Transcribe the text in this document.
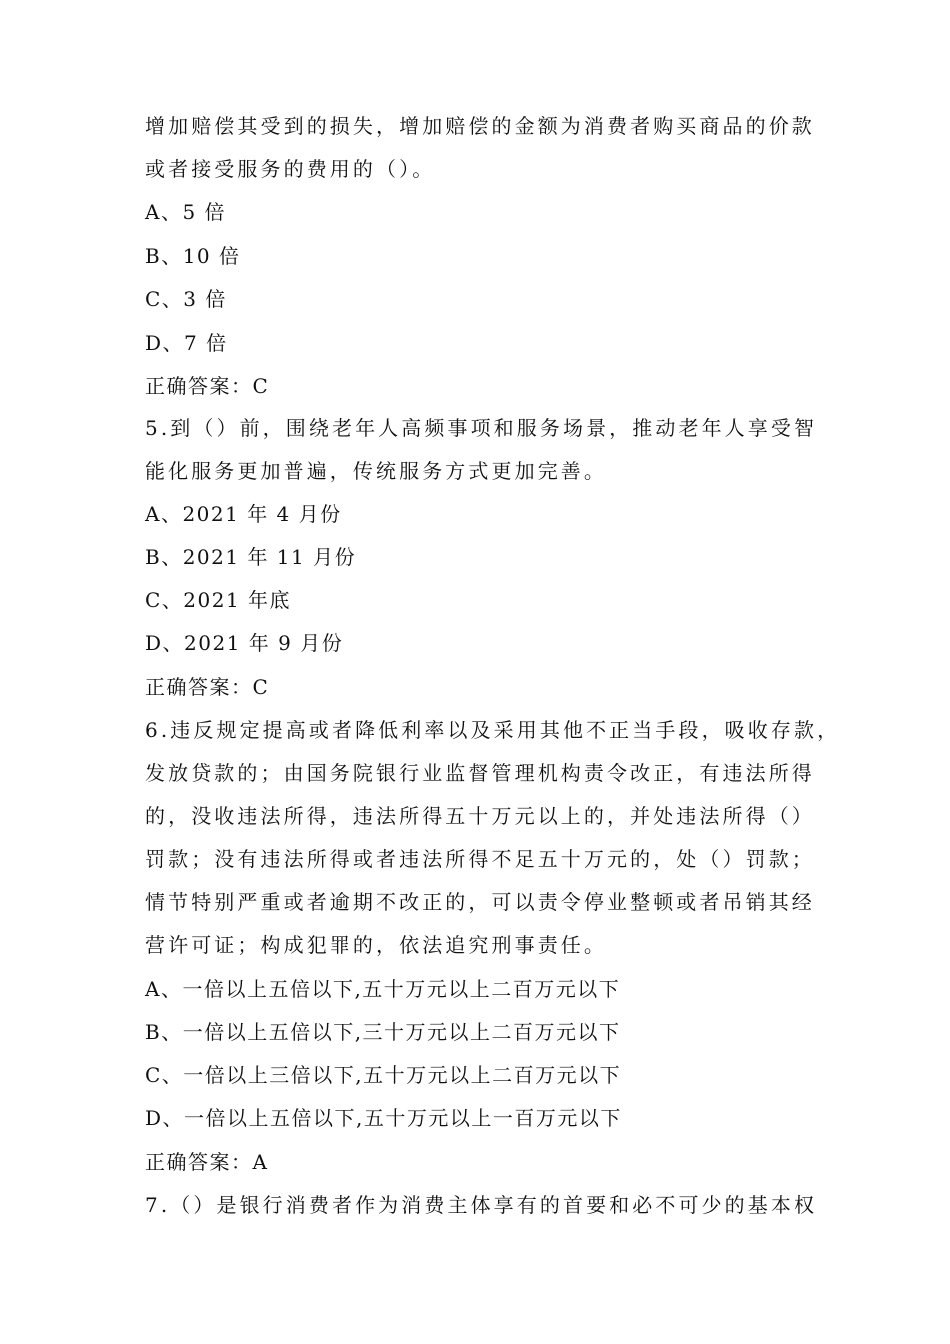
增加赔偿其受到的损失，增加赔偿的金额为消费者购买商品的价款
或者接受服务的费用的（）。
A、5 倍
B、10 倍
C、3 倍
D、7 倍
正确答案：C
5.到（）前，围绕老年人高频事项和服务场景，推动老年人享受智
能化服务更加普遍，传统服务方式更加完善。
A、2021 年 4 月份
B、2021 年 11 月份
C、2021 年底
D、2021 年 9 月份
正确答案：C
6.违反规定提高或者降低利率以及采用其他不正当手段，吸收存款，
发放贷款的；由国务院银行业监督管理机构责令改正，有违法所得
的，没收违法所得，违法所得五十万元以上的，并处违法所得（）
罚款；没有违法所得或者违法所得不足五十万元的，处（）罚款；
情节特别严重或者逾期不改正的，可以责令停业整顿或者吊销其经
营许可证；构成犯罪的，依法追究刑事责任。
A、一倍以上五倍以下,五十万元以上二百万元以下
B、一倍以上五倍以下,三十万元以上二百万元以下
C、一倍以上三倍以下,五十万元以上二百万元以下
D、一倍以上五倍以下,五十万元以上一百万元以下
正确答案：A
7.（）是银行消费者作为消费主体享有的首要和必不可少的基本权
